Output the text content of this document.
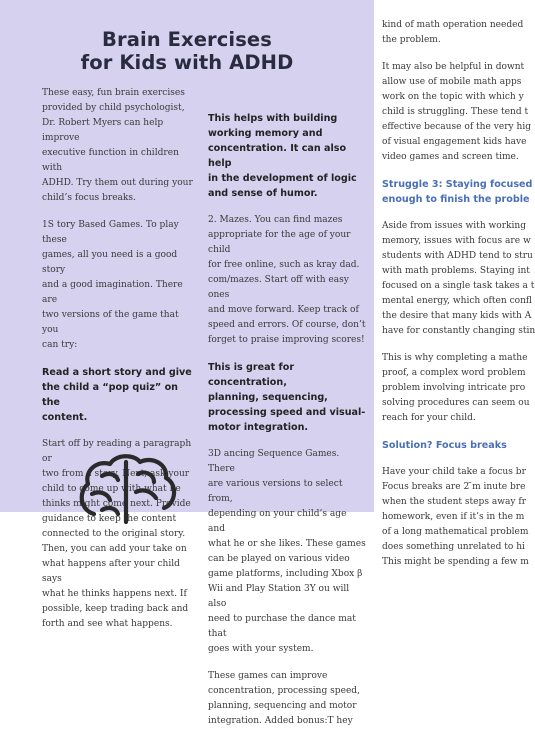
Brain Exercises
for Kids with ADHD

These easy, fun brain exercises
provided by child psychologist,
Dr. Robert Myers can help improve
executive function in children with
ADHD. Try them out during your
child’s focus breaks.

1S tory Based Games. To play these
games, all you need is a good story
and a good imagination. There are
two versions of the game that you
can try:

Read a short story and give
the child a “pop quiz” on the
content.

Start off by reading a paragraph or
two from a story. Next, ask your
child to come up with what he
thinks might come next. Provide
guidance to keep the content
connected to the original story.
Then, you can add your take on
what happens after your child says
what he thinks happens next. If
possible, keep trading back and
forth and see what happens.

This helps with building
working memory and
concentration. It can also help
in the development of logic
and sense of humor.

2. Mazes. You can find mazes
appropriate for the age of your child
for free online, such as kray dad.
com/mazes. Start off with easy ones
and move forward. Keep track of
speed and errors. Of course, don’t
forget to praise improving scores!

This is great for concentration,
planning, sequencing,
processing speed and visual-
motor integration.

3D ancing Sequence Games. There
are various versions to select from,
depending on your child’s age and
what he or she likes. These games
can be played on various video
game platforms, including Xbox β
Wii and Play Station 3Y ou will also
need to purchase the dance mat that
goes with your system.

These games can improve
concentration, processing speed,
planning, sequencing and motor
integration. Added bonus:T hey

kind of math operation needed
the problem.

It may also be helpful in downt
allow use of mobile math apps
work on the topic with which y
child is struggling. These tend t
effective because of the very hig
of visual engagement kids have
video games and screen time.

Struggle 3: Staying focused
enough to finish the proble

Aside from issues with working
memory, issues with focus are w
students with ADHD tend to stru
with math problems. Staying int
focused on a single task takes a t
mental energy, which often confl
the desire that many kids with A
have for constantly changing stin

This is why completing a mathe
proof, a complex word problem
problem involving intricate pro
solving procedures can seem ou
reach for your child.

Solution? Focus breaks

Have your child take a focus br
Focus breaks are 2 ̃m inute bre
when the student steps away fr
homework, even if it’s in the m
of a long mathematical problem
does something unrelated to hi
This might be spending a few m
